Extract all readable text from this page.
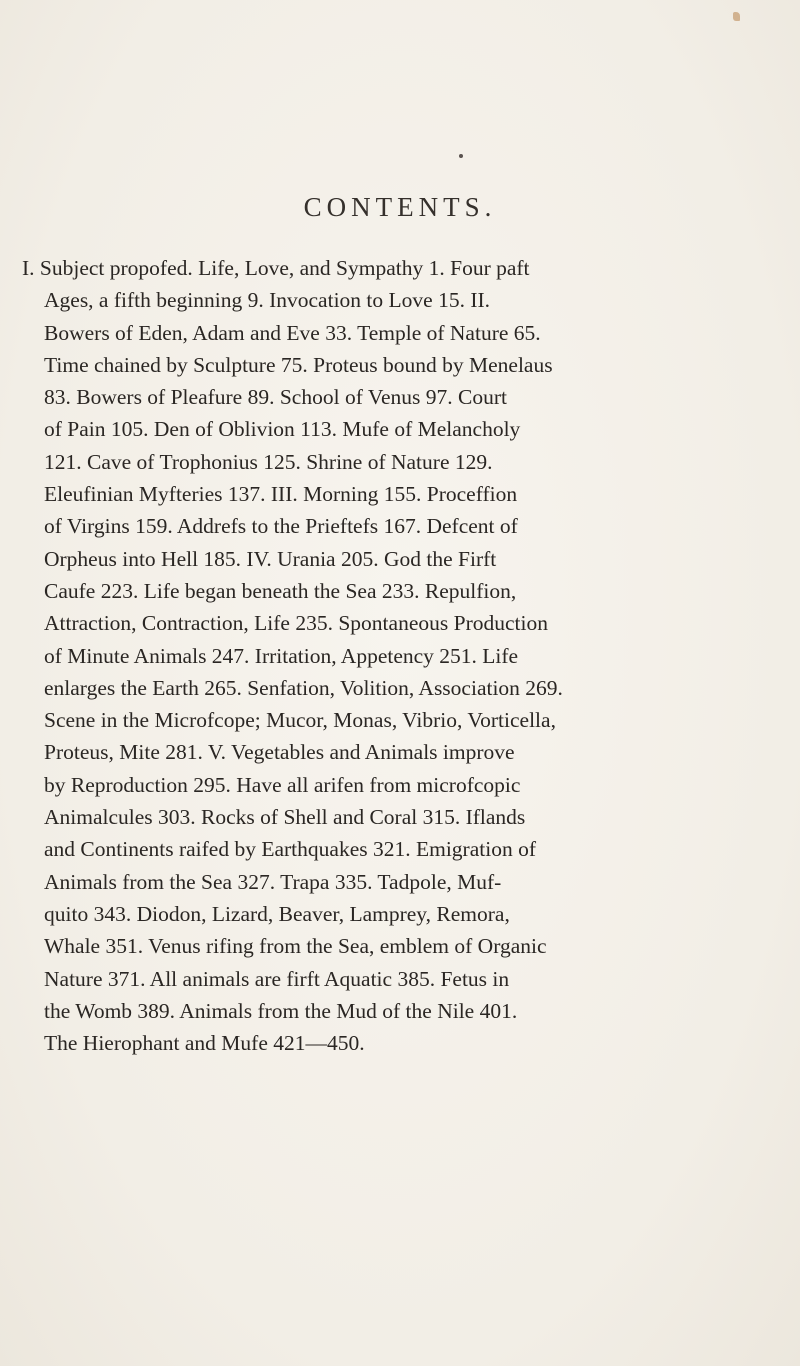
CONTENTS.
I. Subject propofed. Life, Love, and Sympathy 1. Four paft
Ages, a fifth beginning 9. Invocation to Love 15. II.
Bowers of Eden, Adam and Eve 33. Temple of Nature 65.
Time chained by Sculpture 75. Proteus bound by Menelaus
83. Bowers of Pleafure 89. School of Venus 97. Court
of Pain 105. Den of Oblivion 113. Mufe of Melancholy
121. Cave of Trophonius 125. Shrine of Nature 129.
Eleufinian Myfteries 137. III. Morning 155. Proceffion
of Virgins 159. Addrefs to the Prieftefs 167. Defcent of
Orpheus into Hell 185. IV. Urania 205. God the Firft
Caufe 223. Life began beneath the Sea 233. Repulfion,
Attraction, Contraction, Life 235. Spontaneous Production
of Minute Animals 247. Irritation, Appetency 251. Life
enlarges the Earth 265. Senfation, Volition, Association 269.
Scene in the Microfcope; Mucor, Monas, Vibrio, Vorticella,
Proteus, Mite 281. V. Vegetables and Animals improve
by Reproduction 295. Have all arifen from microfcopic
Animalcules 303. Rocks of Shell and Coral 315. Iflands
and Continents raifed by Earthquakes 321. Emigration of
Animals from the Sea 327. Trapa 335. Tadpole, Muf-
quito 343. Diodon, Lizard, Beaver, Lamprey, Remora,
Whale 351. Venus rifing from the Sea, emblem of Organic
Nature 371. All animals are firft Aquatic 385. Fetus in
the Womb 389. Animals from the Mud of the Nile 401.
The Hierophant and Mufe 421—450.
